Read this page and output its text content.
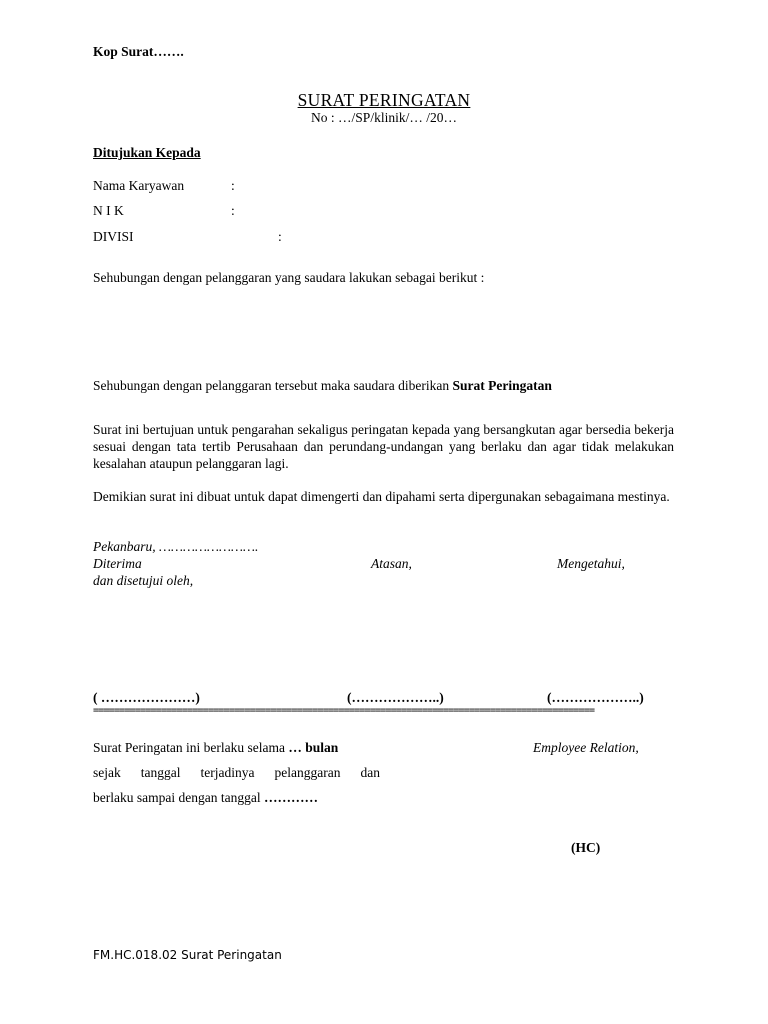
Kop Surat…….
SURAT PERINGATAN
No : …/SP/klinik/… /20…
Ditujukan Kepada
Nama Karyawan	:
N I K	:
DIVISI	:
Sehubungan dengan pelanggaran yang saudara lakukan sebagai berikut :
Sehubungan dengan pelanggaran tersebut maka saudara diberikan Surat Peringatan
Surat ini bertujuan untuk pengarahan sekaligus peringatan kepada yang bersangkutan agar bersedia bekerja sesuai dengan tata tertib Perusahaan dan perundang-undangan yang berlaku dan agar tidak melakukan kesalahan ataupun pelanggaran lagi.
Demikian surat ini dibuat untuk dapat dimengerti dan dipahami serta dipergunakan sebagaimana mestinya.
Pekanbaru, …………………….
Diterima	Atasan,	Mengetahui,
dan disetujui oleh,
( …………………)	(………………..)	(………………..)
================================================================================================
Surat Peringatan ini berlaku selama … bulan	Employee Relation,
sejak tanggal terjadinya pelanggaran dan
berlaku sampai dengan tanggal …………
(HC)
FM.HC.018.02 Surat Peringatan
